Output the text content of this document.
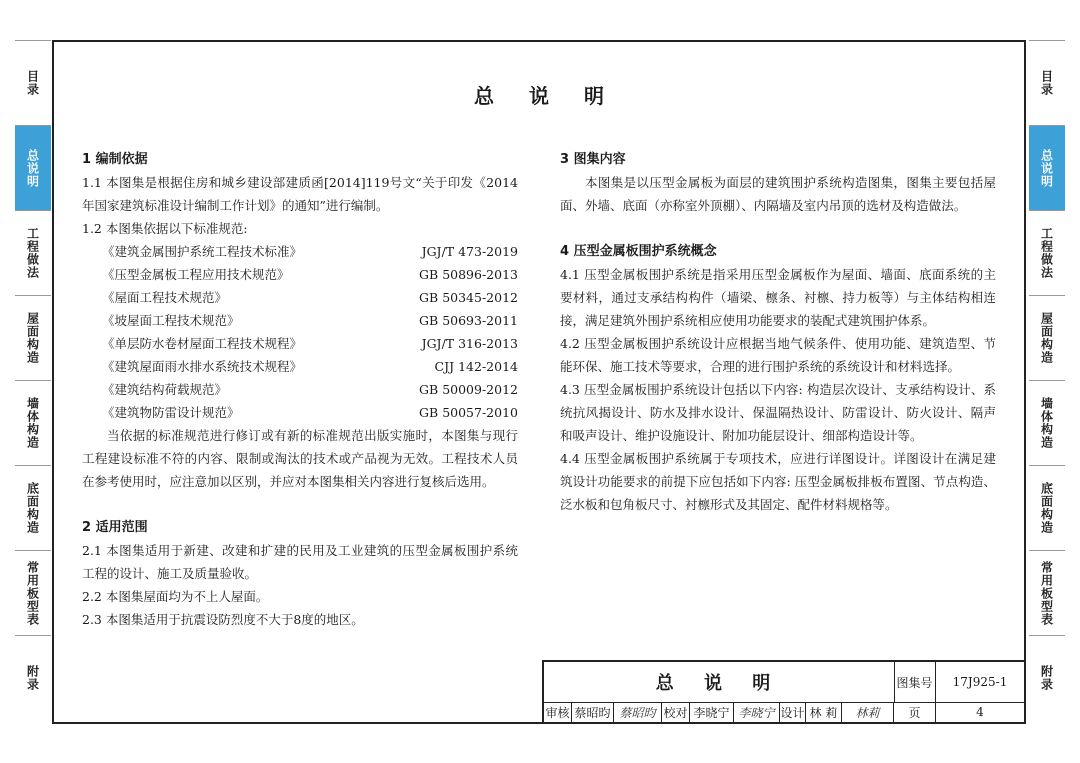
目录
总说明
工程做法
屋面构造
墙体构造
底面构造
常用板型表
附录
目录
总说明
工程做法
屋面构造
墙体构造
底面构造
常用板型表
附录
总 说 明
1 编制依据
1.1 本图集是根据住房和城乡建设部建质函[2014]119号文“关于印发《2014年国家建筑标准设计编制工作计划》的通知”进行编制。
1.2 本图集依据以下标准规范:
《建筑金属围护系统工程技术标准》	JGJ/T 473-2019
《压型金属板工程应用技术规范》	GB 50896-2013
《屋面工程技术规范》	GB 50345-2012
《坡屋面工程技术规范》	GB 50693-2011
《单层防水卷材屋面工程技术规程》	JGJ/T 316-2013
《建筑屋面雨水排水系统技术规程》	CJJ 142-2014
《建筑结构荷载规范》	GB 50009-2012
《建筑物防雷设计规范》	GB 50057-2010
当依据的标准规范进行修订或有新的标准规范出版实施时，本图集与现行工程建设标准不符的内容、限制或淘汰的技术或产品视为无效。工程技术人员在参考使用时，应注意加以区别，并应对本图集相关内容进行复核后选用。
2 适用范围
2.1 本图集适用于新建、改建和扩建的民用及工业建筑的压型金属板围护系统工程的设计、施工及质量验收。
2.2 本图集屋面均为不上人屋面。
2.3 本图集适用于抗震设防烈度不大于8度的地区。
3 图集内容
本图集是以压型金属板为面层的建筑围护系统构造图集，图集主要包括屋面、外墙、底面（亦称室外顶棚）、内隔墙及室内吊顶的选材及构造做法。
4 压型金属板围护系统概念
4.1 压型金属板围护系统是指采用压型金属板作为屋面、墙面、底面系统的主要材料，通过支承结构构件（墙梁、檩条、衬檩、持力板等）与主体结构相连接，满足建筑外围护系统相应使用功能要求的装配式建筑围护体系。
4.2 压型金属板围护系统设计应根据当地气候条件、使用功能、建筑造型、节能环保、施工技术等要求，合理的进行围护系统的系统设计和材料选择。
4.3 压型金属板围护系统设计包括以下内容: 构造层次设计、支承结构设计、系统抗风揭设计、防水及排水设计、保温隔热设计、防雷设计、防火设计、隔声和吸声设计、维护设施设计、附加功能层设计、细部构造设计等。
4.4 压型金属板围护系统属于专项技术，应进行详图设计。详图设计在满足建筑设计功能要求的前提下应包括如下内容: 压型金属板排板布置图、节点构造、泛水板和包角板尺寸、衬檩形式及其固定、配件材料规格等。
总 说 明	图集号	17J925-1
审核 蔡昭昀 蔡昭昀 校对 李晓宁 李晓宁 设计 林 莉	林莉	页	4
